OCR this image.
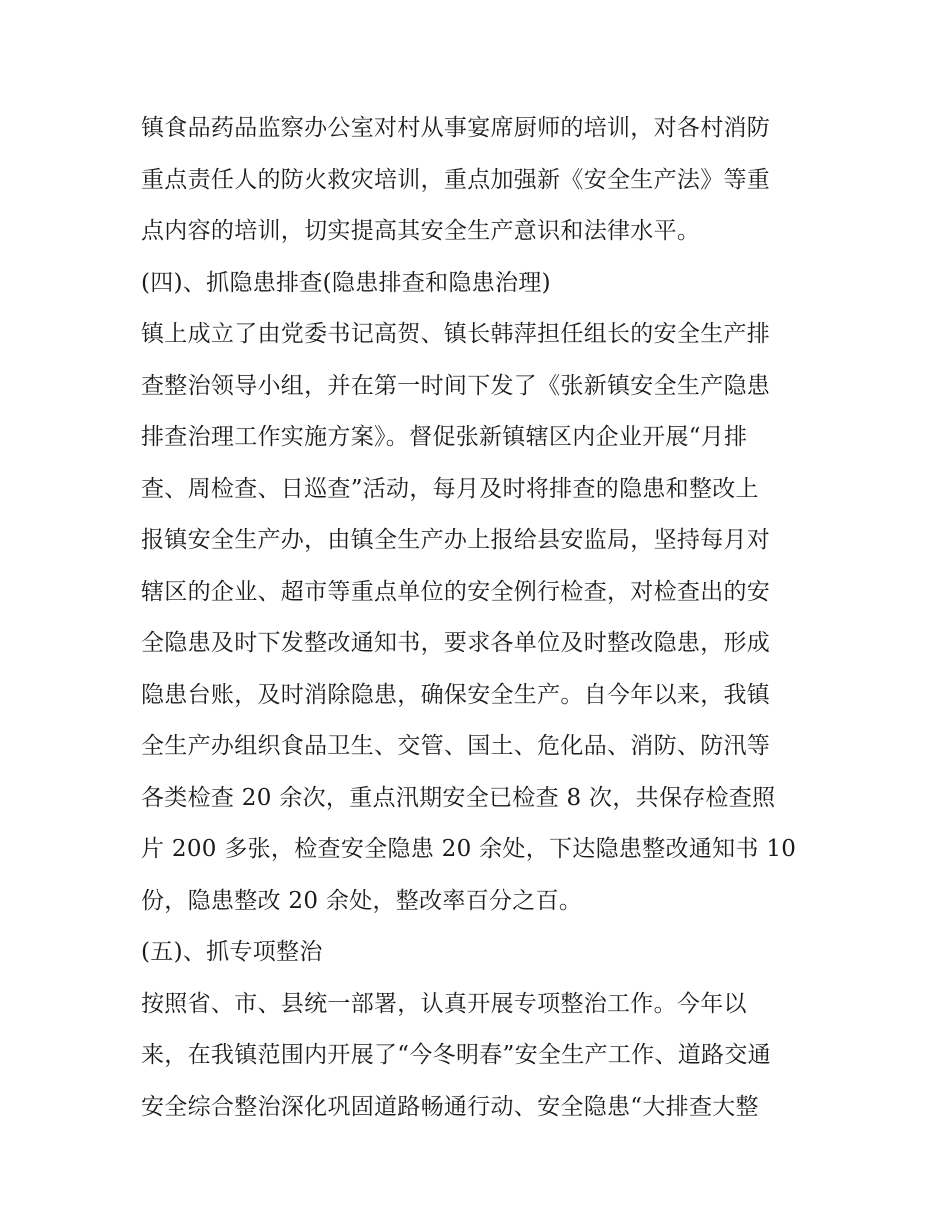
镇食品药品监察办公室对村从事宴席厨师的培训，对各村消防
重点责任人的防火救灾培训，重点加强新《安全生产法》等重
点内容的培训，切实提高其安全生产意识和法律水平。
(四)、抓隐患排查(隐患排查和隐患治理)
镇上成立了由党委书记高贺、镇长韩萍担任组长的安全生产排
查整治领导小组，并在第一时间下发了《张新镇安全生产隐患
排查治理工作实施方案》。督促张新镇辖区内企业开展“月排
查、周检查、日巡查”活动，每月及时将排查的隐患和整改上
报镇安全生产办，由镇全生产办上报给县安监局，坚持每月对
辖区的企业、超市等重点单位的安全例行检查，对检查出的安
全隐患及时下发整改通知书，要求各单位及时整改隐患，形成
隐患台账，及时消除隐患，确保安全生产。自今年以来，我镇
全生产办组织食品卫生、交管、国土、危化品、消防、防汛等
各类检查 20 余次，重点汛期安全已检查 8 次，共保存检查照
片 200 多张，检查安全隐患 20 余处，下达隐患整改通知书 10
份，隐患整改 20 余处，整改率百分之百。
(五)、抓专项整治
按照省、市、县统一部署，认真开展专项整治工作。今年以
来，在我镇范围内开展了“今冬明春”安全生产工作、道路交通
安全综合整治深化巩固道路畅通行动、安全隐患“大排查大整
